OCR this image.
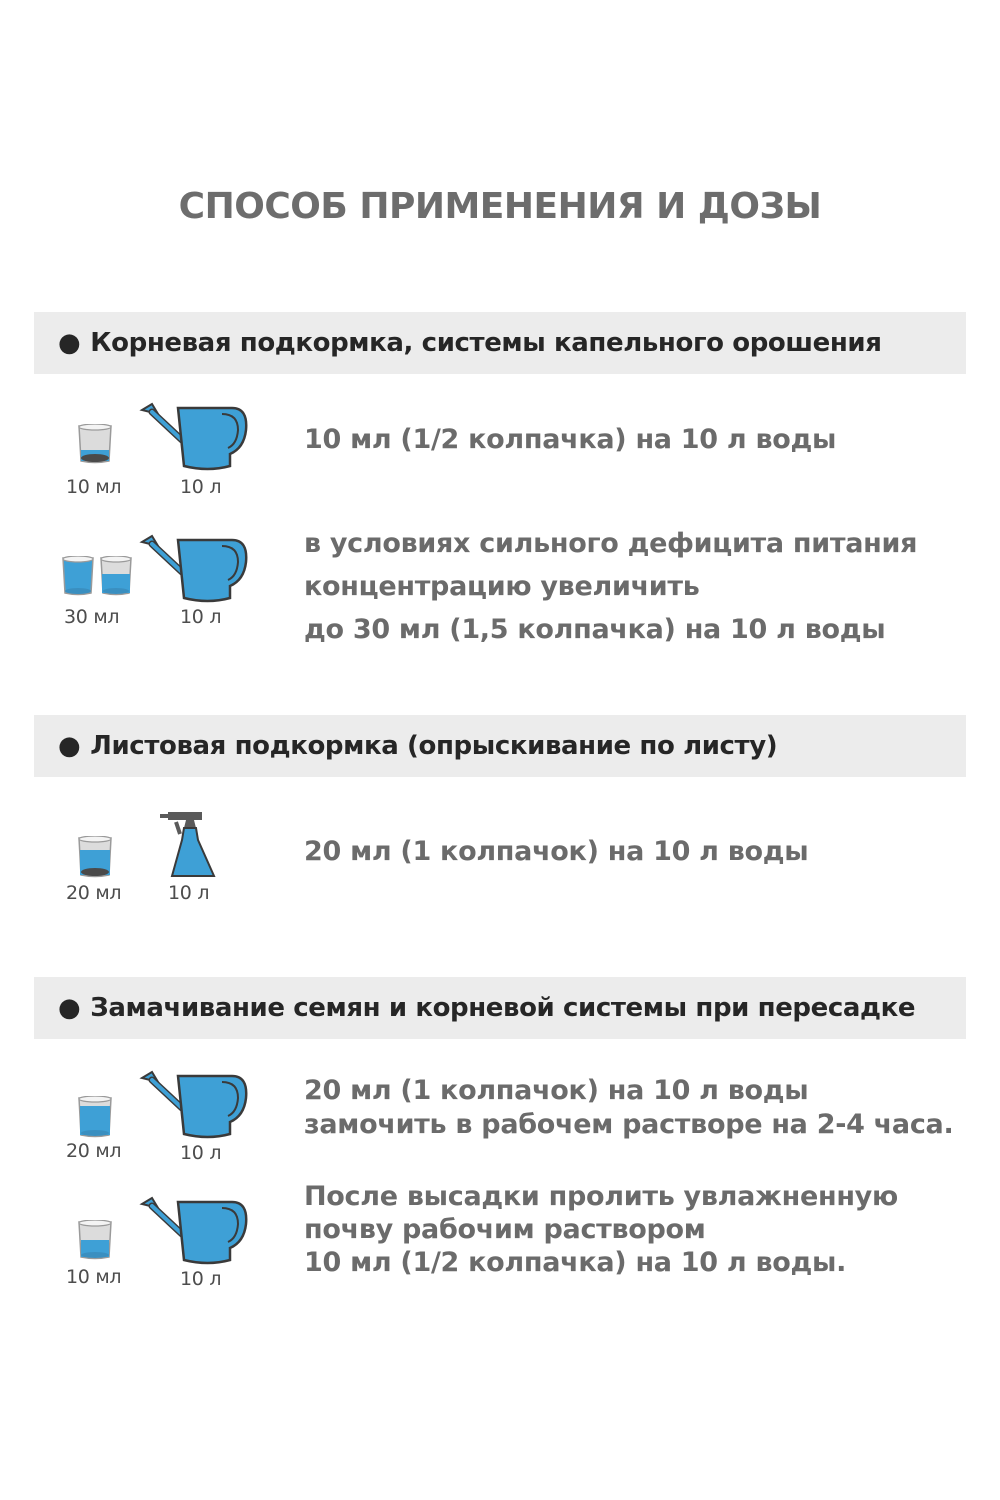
СПОСОБ ПРИМЕНЕНИЯ И ДОЗЫ
● Корневая подкормка, системы капельного орошения
10 мл	10 л
10 мл (1/2 колпачка) на 10 л воды
30 мл	10 л
в условиях сильного дефицита питания
концентрацию увеличить
до 30 мл (1,5 колпачка) на 10 л воды
● Листовая подкормка (опрыскивание по листу)
20 мл 10 л
20 мл (1 колпачок) на 10 л воды
● Замачивание семян и корневой системы при пересадке
20 мл	10 л
20 мл (1 колпачок) на 10 л воды
замочить в рабочем растворе на 2-4 часа.
10 мл	10 л
После высадки пролить увлажненную
почву рабочим раствором
10 мл (1/2 колпачка) на 10 л воды.
